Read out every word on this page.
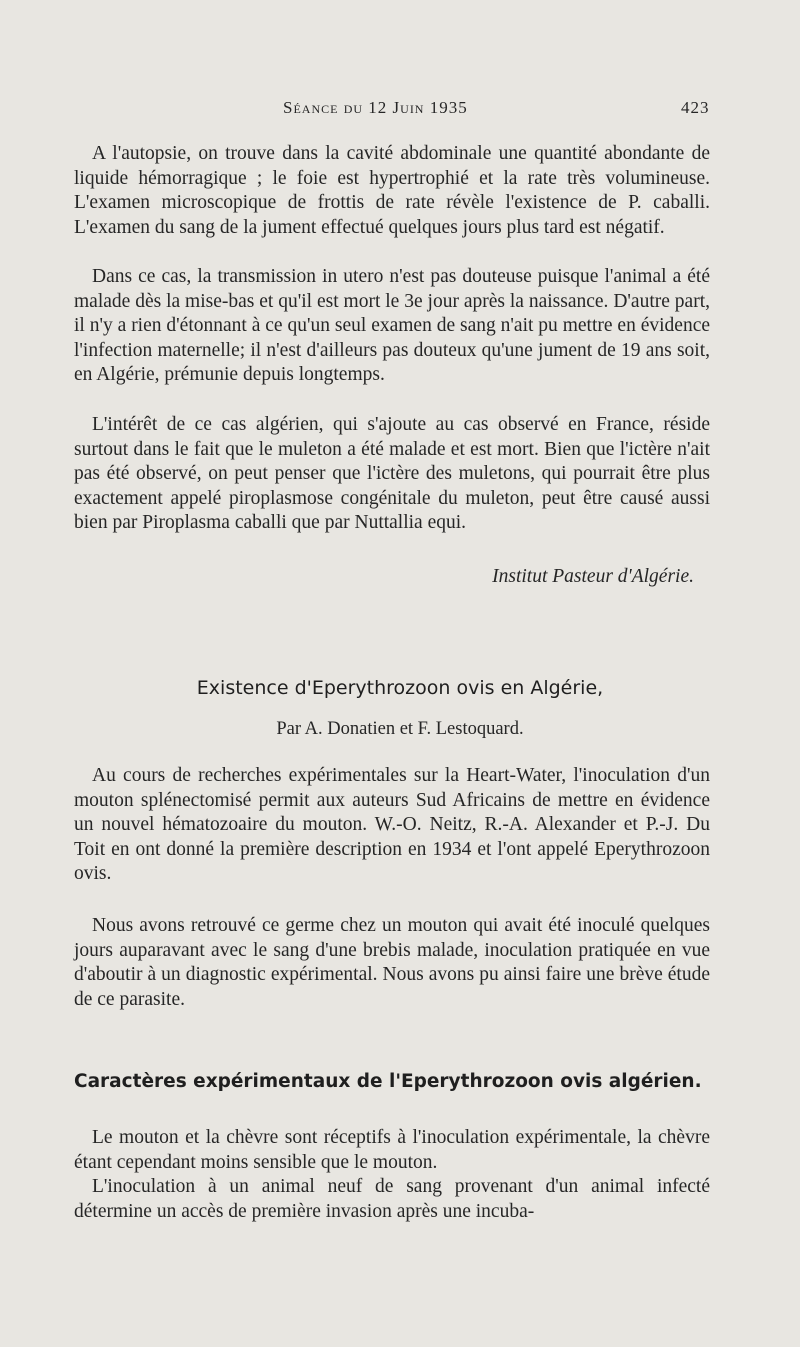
Séance du 12 Juin 1935	423

A l'autopsie, on trouve dans la cavité abdominale une quantité abondante de liquide hémorragique ; le foie est hypertrophié et la rate très volumineuse. L'examen microscopique de frottis de rate révèle l'existence de P. caballi. L'examen du sang de la jument effectué quelques jours plus tard est négatif.

Dans ce cas, la transmission in utero n'est pas douteuse puisque l'animal a été malade dès la mise-bas et qu'il est mort le 3e jour après la naissance. D'autre part, il n'y a rien d'étonnant à ce qu'un seul examen de sang n'ait pu mettre en évidence l'infection maternelle; il n'est d'ailleurs pas douteux qu'une jument de 19 ans soit, en Algérie, prémunie depuis longtemps.

L'intérêt de ce cas algérien, qui s'ajoute au cas observé en France, réside surtout dans le fait que le muleton a été malade et est mort. Bien que l'ictère n'ait pas été observé, on peut penser que l'ictère des muletons, qui pourrait être plus exactement appelé piroplasmose congénitale du muleton, peut être causé aussi bien par Piroplasma caballi que par Nuttallia equi.

Institut Pasteur d'Algérie.
Existence d'Eperythrozoon ovis en Algérie,
Par A. Donatien et F. Lestoquard.

Au cours de recherches expérimentales sur la Heart-Water, l'inoculation d'un mouton splénectomisé permit aux auteurs Sud Africains de mettre en évidence un nouvel hématozoaire du mouton. W.-O. Neitz, R.-A. Alexander et P.-J. Du Toit en ont donné la première description en 1934 et l'ont appelé Eperythrozoon ovis.

Nous avons retrouvé ce germe chez un mouton qui avait été inoculé quelques jours auparavant avec le sang d'une brebis malade, inoculation pratiquée en vue d'aboutir à un diagnostic expérimental. Nous avons pu ainsi faire une brève étude de ce parasite.

Caractères expérimentaux de l'Eperythrozoon ovis algérien.

Le mouton et la chèvre sont réceptifs à l'inoculation expérimentale, la chèvre étant cependant moins sensible que le mouton.

L'inoculation à un animal neuf de sang provenant d'un animal infecté détermine un accès de première invasion après une incuba-
